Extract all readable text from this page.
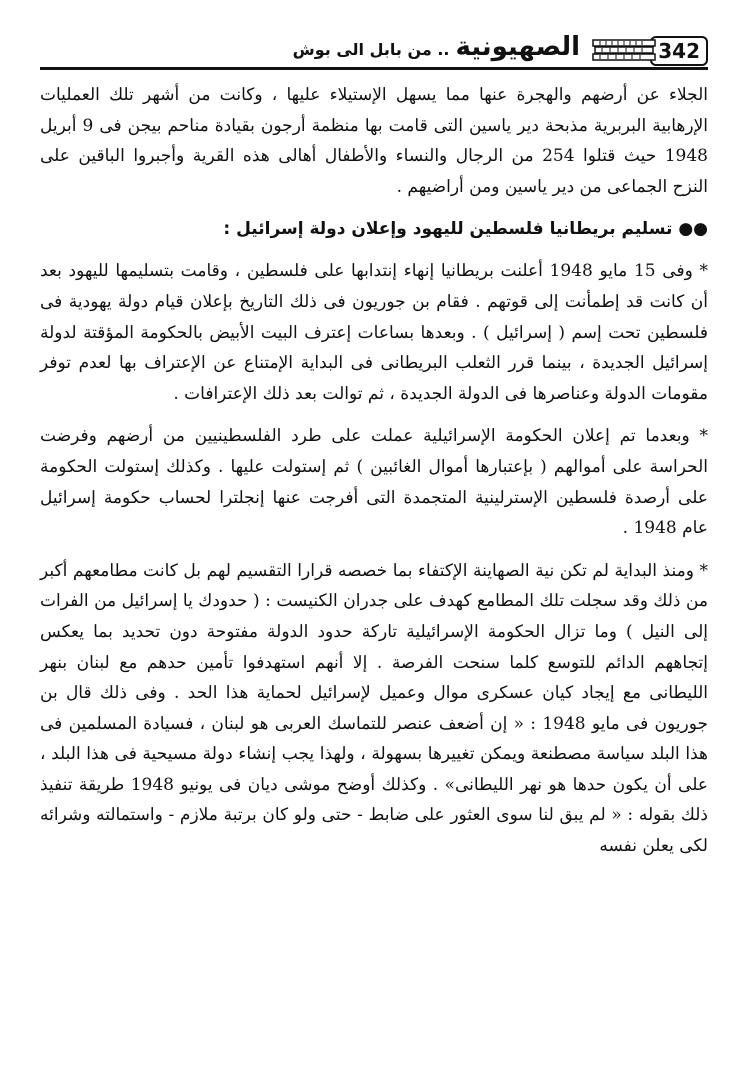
342
الصهيونية.. من بابل الى بوش

الجلاء عن أرضهم والهجرة عنها مما يسهل الإستيلاء عليها ، وكانت من أشهر تلك العمليات الإرهابية البربرية مذبحة دير ياسين التى قامت بها منظمة أرجون بقيادة مناحم بيجن فى 9 أبريل 1948 حيث قتلوا 254 من الرجال والنساء والأطفال أهالى هذه القرية وأجبروا الباقين على النزح الجماعى من دير ياسين ومن أراضيهم .

●● تسليم بريطانيا فلسطين لليهود وإعلان دولة إسرائيل :

* وفى 15 مايو 1948 أعلنت بريطانيا إنهاء إنتدابها على فلسطين ، وقامت بتسليمها لليهود بعد أن كانت قد إطمأنت إلى قوتهم . فقام بن جوريون فى ذلك التاريخ بإعلان قيام دولة يهودية فى فلسطين تحت إسم ( إسرائيل ) . وبعدها بساعات إعترف البيت الأبيض بالحكومة المؤقتة لدولة إسرائيل الجديدة ، بينما قرر الثعلب البريطانى فى البداية الإمتناع عن الإعتراف بها لعدم توفر مقومات الدولة وعناصرها فى الدولة الجديدة ، ثم توالت بعد ذلك الإعترافات .

* وبعدما تم إعلان الحكومة الإسرائيلية عملت على طرد الفلسطينيين من أرضهم وفرضت الحراسة على أموالهم ( بإعتبارها أموال الغائبين ) ثم إستولت عليها . وكذلك إستولت الحكومة على أرصدة فلسطين الإسترلينية المتجمدة التى أفرجت عنها إنجلترا لحساب حكومة إسرائيل عام 1948 .

* ومنذ البداية لم تكن نية الصهاينة الإكتفاء بما خصصه قرارا التقسيم لهم بل كانت مطامعهم أكبر من ذلك وقد سجلت تلك المطامع كهدف على جدران الكنيست : ( حدودك يا إسرائيل من الفرات إلى النيل ) وما تزال الحكومة الإسرائيلية تاركة حدود الدولة مفتوحة دون تحديد بما يعكس إتجاههم الدائم للتوسع كلما سنحت الفرصة . إلا أنهم استهدفوا تأمين حدهم مع لبنان بنهر الليطانى مع إيجاد كيان عسكرى موال وعميل لإسرائيل لحماية هذا الحد . وفى ذلك قال بن جوريون فى مايو 1948 : « إن أضعف عنصر للتماسك العربى هو لبنان ، فسيادة المسلمين فى هذا البلد سياسة مصطنعة ويمكن تغييرها بسهولة ، ولهذا يجب إنشاء دولة مسيحية فى هذا البلد ، على أن يكون حدها هو نهر الليطانى» . وكذلك أوضح موشى ديان فى يونيو 1948 طريقة تنفيذ ذلك بقوله : « لم يبق لنا سوى العثور على ضابط - حتى ولو كان برتبة ملازم - واستمالته وشرائه لكى يعلن نفسه
